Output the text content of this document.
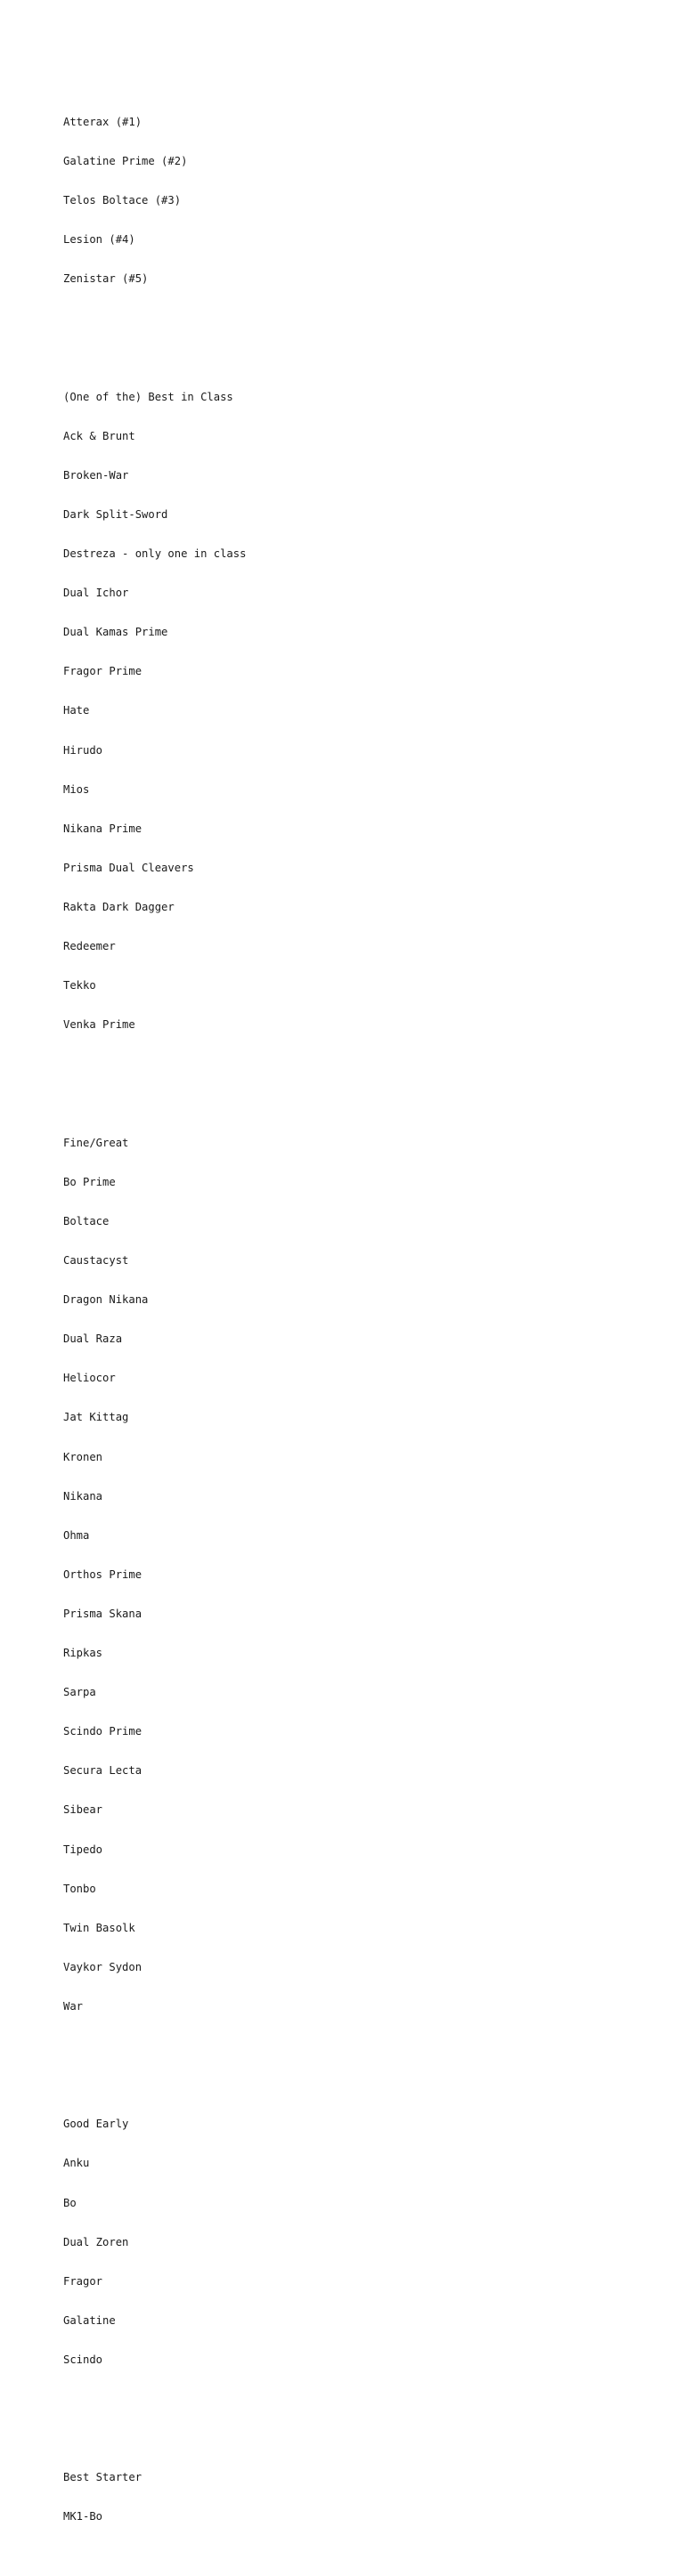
Atterax (#1)

Galatine Prime (#2)

Telos Boltace (#3)

Lesion (#4)

Zenistar (#5)

(One of the) Best in Class

Ack & Brunt

Broken-War

Dark Split-Sword

Destreza - only one in class

Dual Ichor

Dual Kamas Prime

Fragor Prime

Hate

Hirudo

Mios

Nikana Prime

Prisma Dual Cleavers

Rakta Dark Dagger

Redeemer

Tekko

Venka Prime

Fine/Great

Bo Prime

Boltace

Caustacyst

Dragon Nikana

Dual Raza

Heliocor

Jat Kittag

Kronen

Nikana

Ohma

Orthos Prime

Prisma Skana

Ripkas

Sarpa

Scindo Prime

Secura Lecta

Sibear

Tipedo

Tonbo

Twin Basolk

Vaykor Sydon

War

Good Early

Anku

Bo

Dual Zoren

Fragor

Galatine

Scindo

Best Starter

MK1-Bo
